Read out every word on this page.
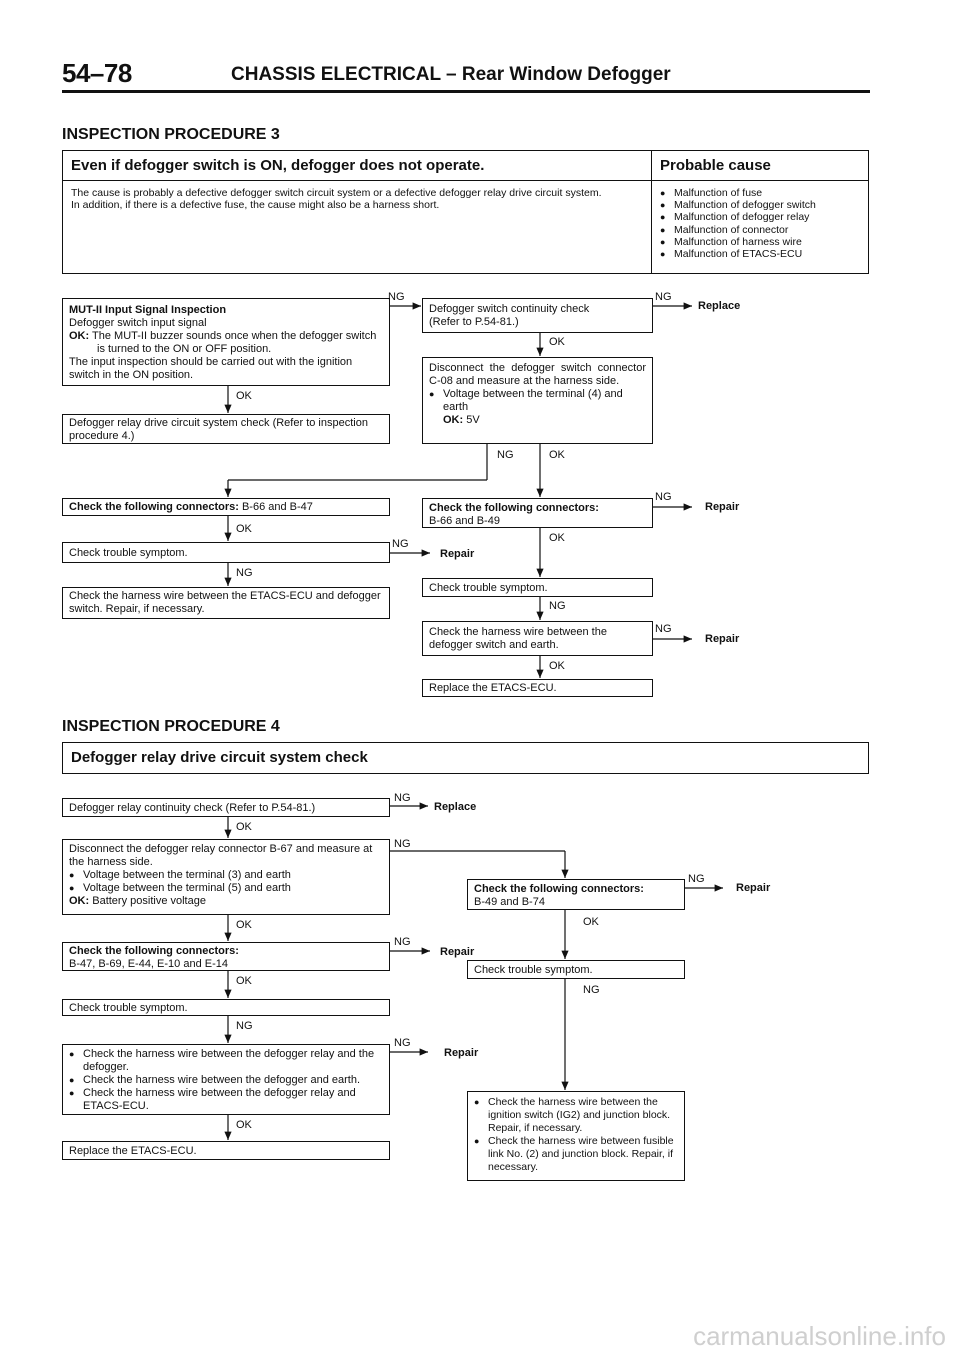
54–78	CHASSIS ELECTRICAL – Rear Window Defogger
INSPECTION PROCEDURE 3
Even if defogger switch is ON, defogger does not operate.	Probable cause
The cause is probably a defective defogger switch circuit system or a defective defogger relay drive circuit system.
In addition, if there is a defective fuse, the cause might also be a harness short.
● Malfunction of fuse
● Malfunction of defogger switch
● Malfunction of defogger relay
● Malfunction of connector
● Malfunction of harness wire
● Malfunction of ETACS-ECU
MUT-II Input Signal Inspection
Defogger switch input signal
OK: The MUT-II buzzer sounds once when the defogger switch is turned to the ON or OFF position.
The input inspection should be carried out with the ignition switch in the ON position.
Defogger relay drive circuit system check (Refer to inspection procedure 4.)
Check the following connectors: B-66 and B-47
Check trouble symptom.
Check the harness wire between the ETACS-ECU and defogger switch. Repair, if necessary.
Defogger switch continuity check
(Refer to P.54-81.)
Disconnect the defogger switch connector C-08 and measure at the harness side.
● Voltage between the terminal (4) and earth
OK: 5V
Check the following connectors:
B-66 and B-49
Check trouble symptom.
Check the harness wire between the defogger switch and earth.
Replace the ETACS-ECU.
NG	NG
Replace
OK
OK
NG	OK
OK
NG
Repair
NG
NG
Repair
OK
NG
NG
Repair
OK
INSPECTION PROCEDURE 4
Defogger relay drive circuit system check
Defogger relay continuity check (Refer to P.54-81.)
Disconnect the defogger relay connector B-67 and measure at the harness side.
● Voltage between the terminal (3) and earth
● Voltage between the terminal (5) and earth
OK: Battery positive voltage
Check the following connectors:
B-47, B-69, E-44, E-10 and E-14
Check trouble symptom.
● Check the harness wire between the defogger relay and the defogger.
● Check the harness wire between the defogger and earth.
● Check the harness wire between the defogger relay and ETACS-ECU.
Replace the ETACS-ECU.
Check the following connectors:
B-49 and B-74
Check trouble symptom.
● Check the harness wire between the ignition switch (IG2) and junction block. Repair, if necessary.
● Check the harness wire between fusible link No. (2) and junction block. Repair, if necessary.
NG
Replace
OK
NG
OK
NG
Repair
OK
NG
NG
Repair
OK
NG
Repair
OK
NG
carmanualsonline.info
